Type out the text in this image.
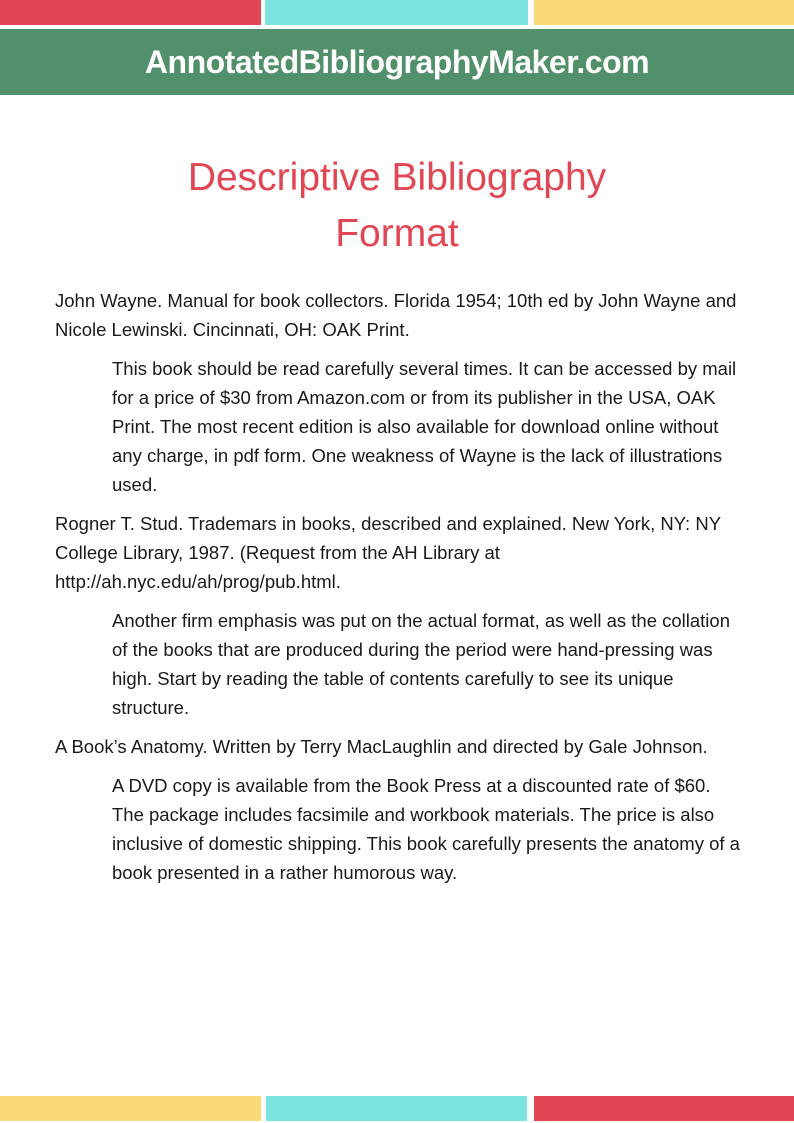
AnnotatedBibliographyMaker.com
Descriptive Bibliography
Format

John Wayne. Manual for book collectors. Florida 1954; 10th ed by John Wayne and Nicole Lewinski. Cincinnati, OH: OAK Print.

This book should be read carefully several times. It can be accessed by mail for a price of $30 from Amazon.com or from its publisher in the USA, OAK Print. The most recent edition is also available for download online without any charge, in pdf form. One weakness of Wayne is the lack of illustrations used.

Rogner T. Stud. Trademars in books, described and explained. New York, NY: NY College Library, 1987. (Request from the AH Library at http://ah.nyc.edu/ah/prog/pub.html.

Another firm emphasis was put on the actual format, as well as the collation of the books that are produced during the period were hand-pressing was high. Start by reading the table of contents carefully to see its unique structure.

A Book’s Anatomy. Written by Terry MacLaughlin and directed by Gale Johnson.

A DVD copy is available from the Book Press at a discounted rate of $60. The package includes facsimile and workbook materials. The price is also inclusive of domestic shipping. This book carefully presents the anatomy of a book presented in a rather humorous way.
